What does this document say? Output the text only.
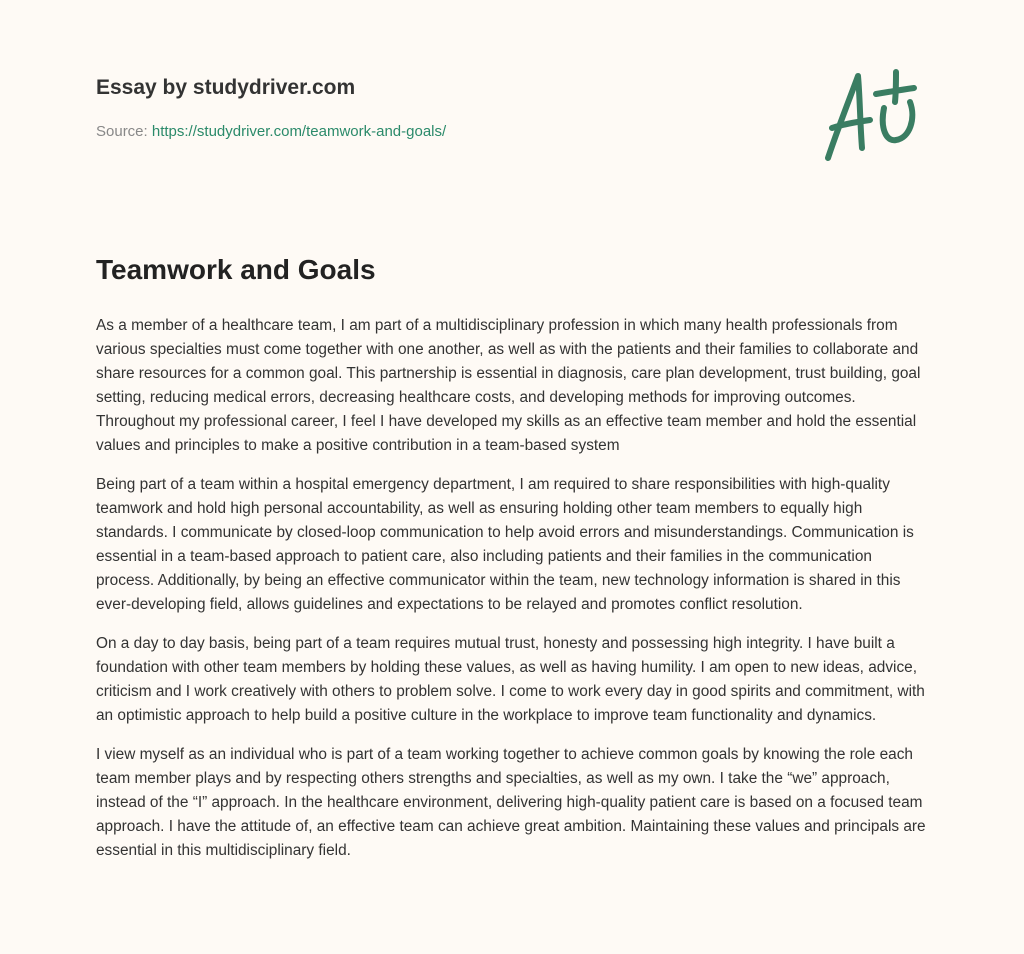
Essay by studydriver.com
Source: https://studydriver.com/teamwork-and-goals/
Teamwork and Goals

As a member of a healthcare team, I am part of a multidisciplinary profession in which many health professionals from various specialties must come together with one another, as well as with the patients and their families to collaborate and share resources for a common goal. This partnership is essential in diagnosis, care plan development, trust building, goal setting, reducing medical errors, decreasing healthcare costs, and developing methods for improving outcomes. Throughout my professional career, I feel I have developed my skills as an effective team member and hold the essential values and principles to make a positive contribution in a team-based system

Being part of a team within a hospital emergency department, I am required to share responsibilities with high-quality teamwork and hold high personal accountability, as well as ensuring holding other team members to equally high standards. I communicate by closed-loop communication to help avoid errors and misunderstandings. Communication is essential in a team-based approach to patient care, also including patients and their families in the communication process. Additionally, by being an effective communicator within the team, new technology information is shared in this ever-developing field, allows guidelines and expectations to be relayed and promotes conflict resolution.

On a day to day basis, being part of a team requires mutual trust, honesty and possessing high integrity. I have built a foundation with other team members by holding these values, as well as having humility. I am open to new ideas, advice, criticism and I work creatively with others to problem solve. I come to work every day in good spirits and commitment, with an optimistic approach to help build a positive culture in the workplace to improve team functionality and dynamics.

I view myself as an individual who is part of a team working together to achieve common goals by knowing the role each team member plays and by respecting others strengths and specialties, as well as my own. I take the “we” approach, instead of the “I” approach. In the healthcare environment, delivering high-quality patient care is based on a focused team approach. I have the attitude of, an effective team can achieve great ambition. Maintaining these values and principals are essential in this multidisciplinary field.
